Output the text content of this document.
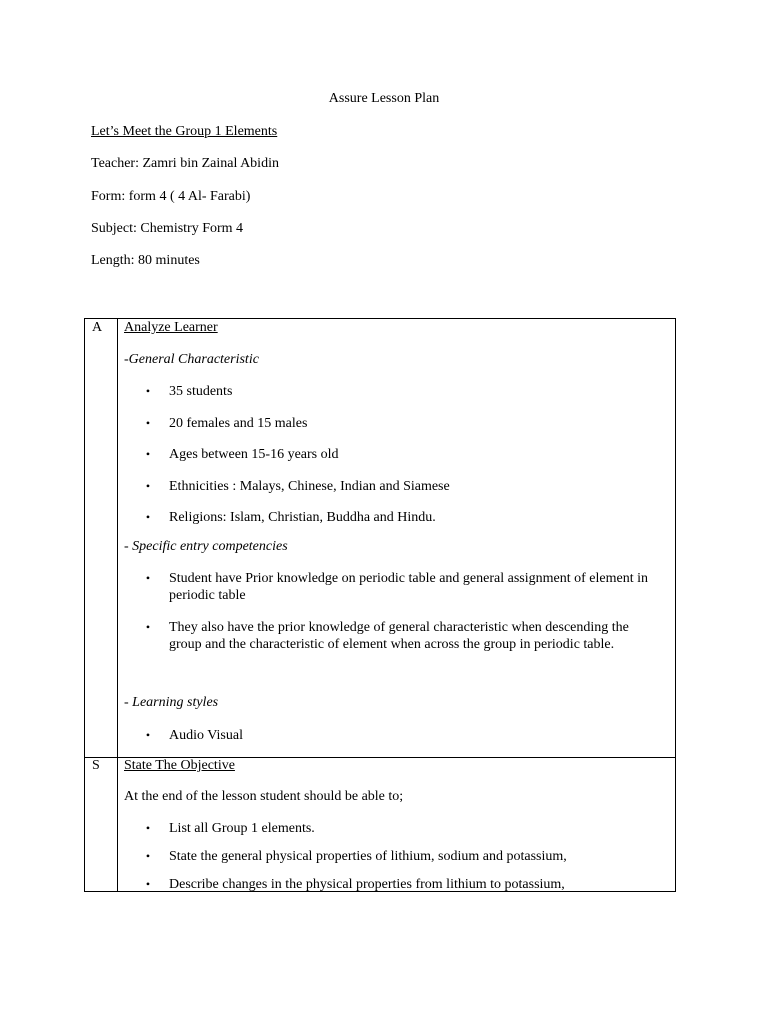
Assure Lesson Plan

Let’s Meet the Group 1 Elements

Teacher: Zamri bin Zainal Abidin

Form: form 4 ( 4 Al- Farabi)

Subject: Chemistry Form 4

Length: 80 minutes

A Analyze Learner

-General Characteristic

• 35 students
• 20 females and 15 males
• Ages between 15-16 years old
• Ethnicities : Malays, Chinese, Indian and Siamese
• Religions: Islam, Christian, Buddha and Hindu.

- Specific entry competencies

• Student have Prior knowledge on periodic table and general assignment of element in periodic table
• They also have the prior knowledge of general characteristic when descending the group and the characteristic of element when across the group in periodic table.

- Learning styles

• Audio Visual
S State The Objective

At the end of the lesson student should be able to;

• List all Group 1 elements.
• State the general physical properties of lithium, sodium and potassium,
• Describe changes in the physical properties from lithium to potassium,
